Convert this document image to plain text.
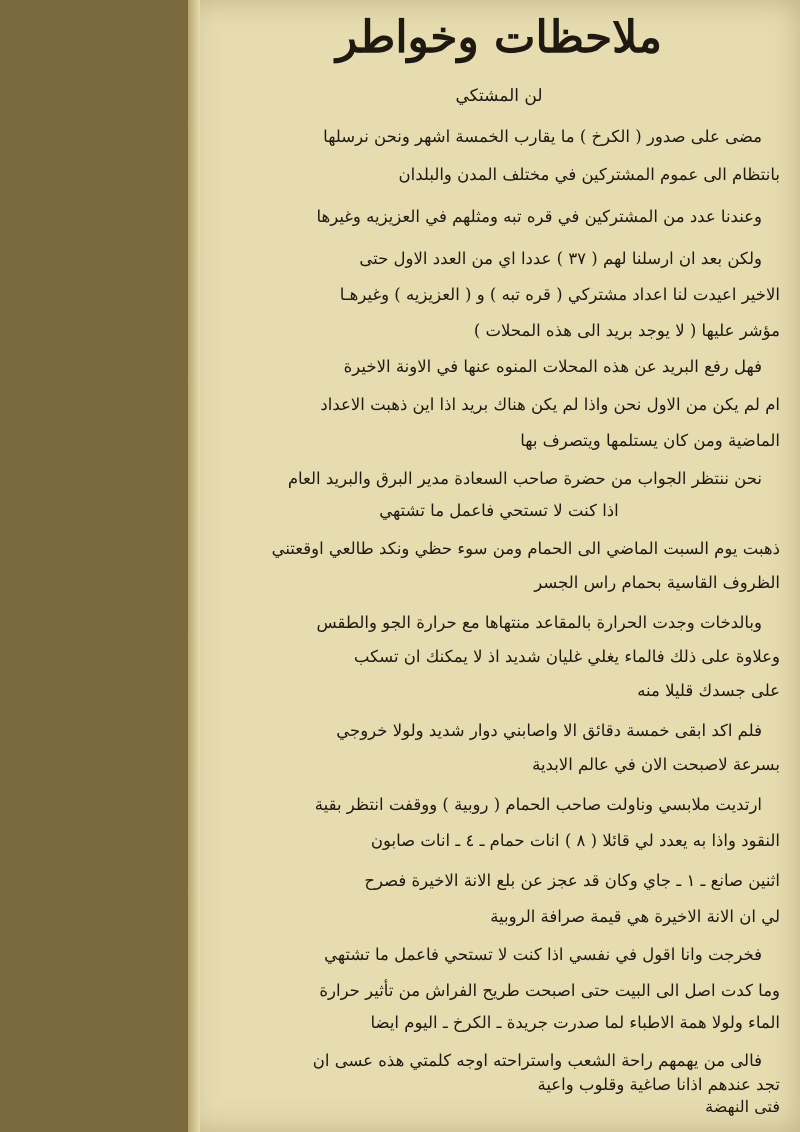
ملاحظات وخواطر
لن المشتكي
مضى على صدور ( الكرخ ) ما يقارب الخمسة اشهر ونحن نرسلها
بانتظام الى عموم المشتركين في مختلف المدن والبلدان
وعندنا عدد من المشتركين في قره تبه ومثلهم في العزيزيه وغيرها
ولكن بعد ان ارسلنا لهم ( ٣٧ ) عددا اي من العدد الاول حتى
الاخير اعيدت لنا اعداد مشتركي ( قره تبه ) و ( العزيزيه ) وغيرهـا
مؤشر عليها ( لا يوجد بريد الى هذه المحلات )
فهل رفع البريد عن هذه المحلات المنوه عنها في الاونة الاخيرة
ام لم يكن من الاول نحن واذا لم يكن هناك بريد اذا اين ذهبت الاعداد
الماضية ومن كان يستلمها ويتصرف بها
نحن ننتظر الجواب من حضرة صاحب السعادة مدير البرق والبريد العام
اذا كنت لا تستحي فاعمل ما تشتهي
ذهبت يوم السبت الماضي الى الحمام ومن سوء حظي ونكد طالعي اوقعتني
الظروف القاسية بحمام راس الجسر
وبالدخات وجدت الحرارة بالمقاعد منتهاها مع حرارة الجو والطقس
وعلاوة على ذلك فالماء يغلي غليان شديد اذ لا يمكنك ان تسكب
على جسدك قليلا منه
فلم اكد ابقى خمسة دقائق الا واصابني دوار شديد ولولا خروجي
بسرعة لاصبحت الان في عالم الابدية
ارتديت ملابسي وناولت صاحب الحمام ( روبية ) ووقفت انتظر بقية
النقود واذا به يعدد لي قائلا ( ٨ ) انات حمام ـ ٤ ـ انات صابون
اثنين صانع ـ ١ ـ جاي وكان قد عجز عن بلع الانة الاخيرة فصرح
لي ان الانة الاخيرة هي قيمة صرافة الروبية
فخرجت وانا اقول في نفسي اذا كنت لا تستحي فاعمل ما تشتهي
وما كدت اصل الى البيت حتى اصبحت طريح الفراش من تأثير حرارة
الماء ولولا همة الاطباء لما صدرت جريدة ـ الكرخ ـ اليوم ايضا
فالى من يهمهم راحة الشعب واستراحته اوجه كلمتي هذه عسى ان
تجد عندهم اذانا صاغية وقلوب واعية
فتى النهضة
